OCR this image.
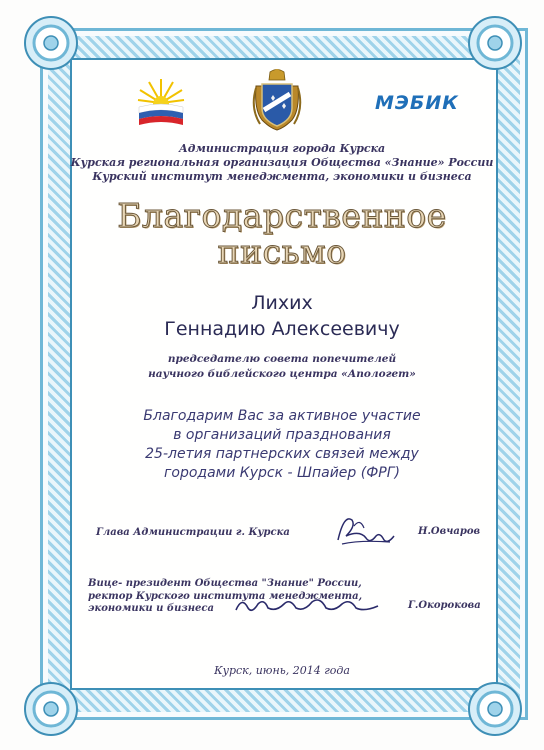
МЭБИК
Администрация города Курска
Курская региональная организация Общества «Знание» России
Курский институт менеджмента, экономики и бизнеса
Благодарственное
письмо
Лихих
Геннадию Алексеевичу
председателю совета попечителей
научного библейского центра «Апологет»
Благодарим Вас за активное участие
в организаций празднования
25-летия партнерских связей между
городами Курск - Шпайер (ФРГ)
Глава Администрации г. Курска	Н.Овчаров
Вице- президент Общества "Знание" России,
ректор Курского института менеджмента,
экономики и бизнеса	Г.Окорокова
Курск, июнь, 2014 года
